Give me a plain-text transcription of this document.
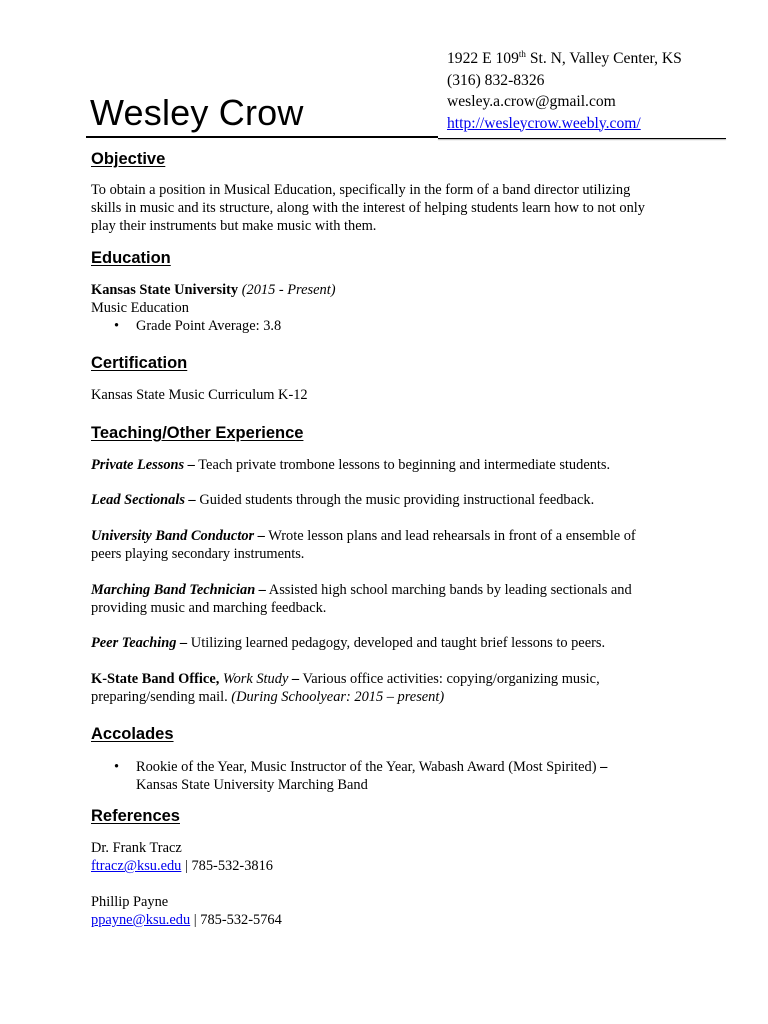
Wesley Crow
1922 E 109th St. N, Valley Center, KS
(316) 832-8326
wesley.a.crow@gmail.com
http://wesleycrow.weebly.com/
Objective

To obtain a position in Musical Education, specifically in the form of a band director utilizing

skills in music and its structure, along with the interest of helping students learn how to not only

play their instruments but make music with them.

Education

Kansas State University (2015 - Present)

Music Education

• Grade Point Average: 3.8

Certification
Kansas State Music Curriculum K-12
Teaching/Other Experience

Private Lessons – Teach private trombone lessons to beginning and intermediate students.

Lead Sectionals – Guided students through the music providing instructional feedback.

University Band Conductor – Wrote lesson plans and lead rehearsals in front of a ensemble of

peers playing secondary instruments.

Marching Band Technician – Assisted high school marching bands by leading sectionals and

providing music and marching feedback.

Peer Teaching – Utilizing learned pedagogy, developed and taught brief lessons to peers.

K-State Band Office, Work Study – Various office activities: copying/organizing music,

preparing/sending mail. (During Schoolyear: 2015 – present)

Accolades

• Rookie of the Year, Music Instructor of the Year, Wabash Award (Most Spirited) –

Kansas State University Marching Band

References

Dr. Frank Tracz

ftracz@ksu.edu | 785-532-3816

Phillip Payne

ppayne@ksu.edu | 785-532-5764
